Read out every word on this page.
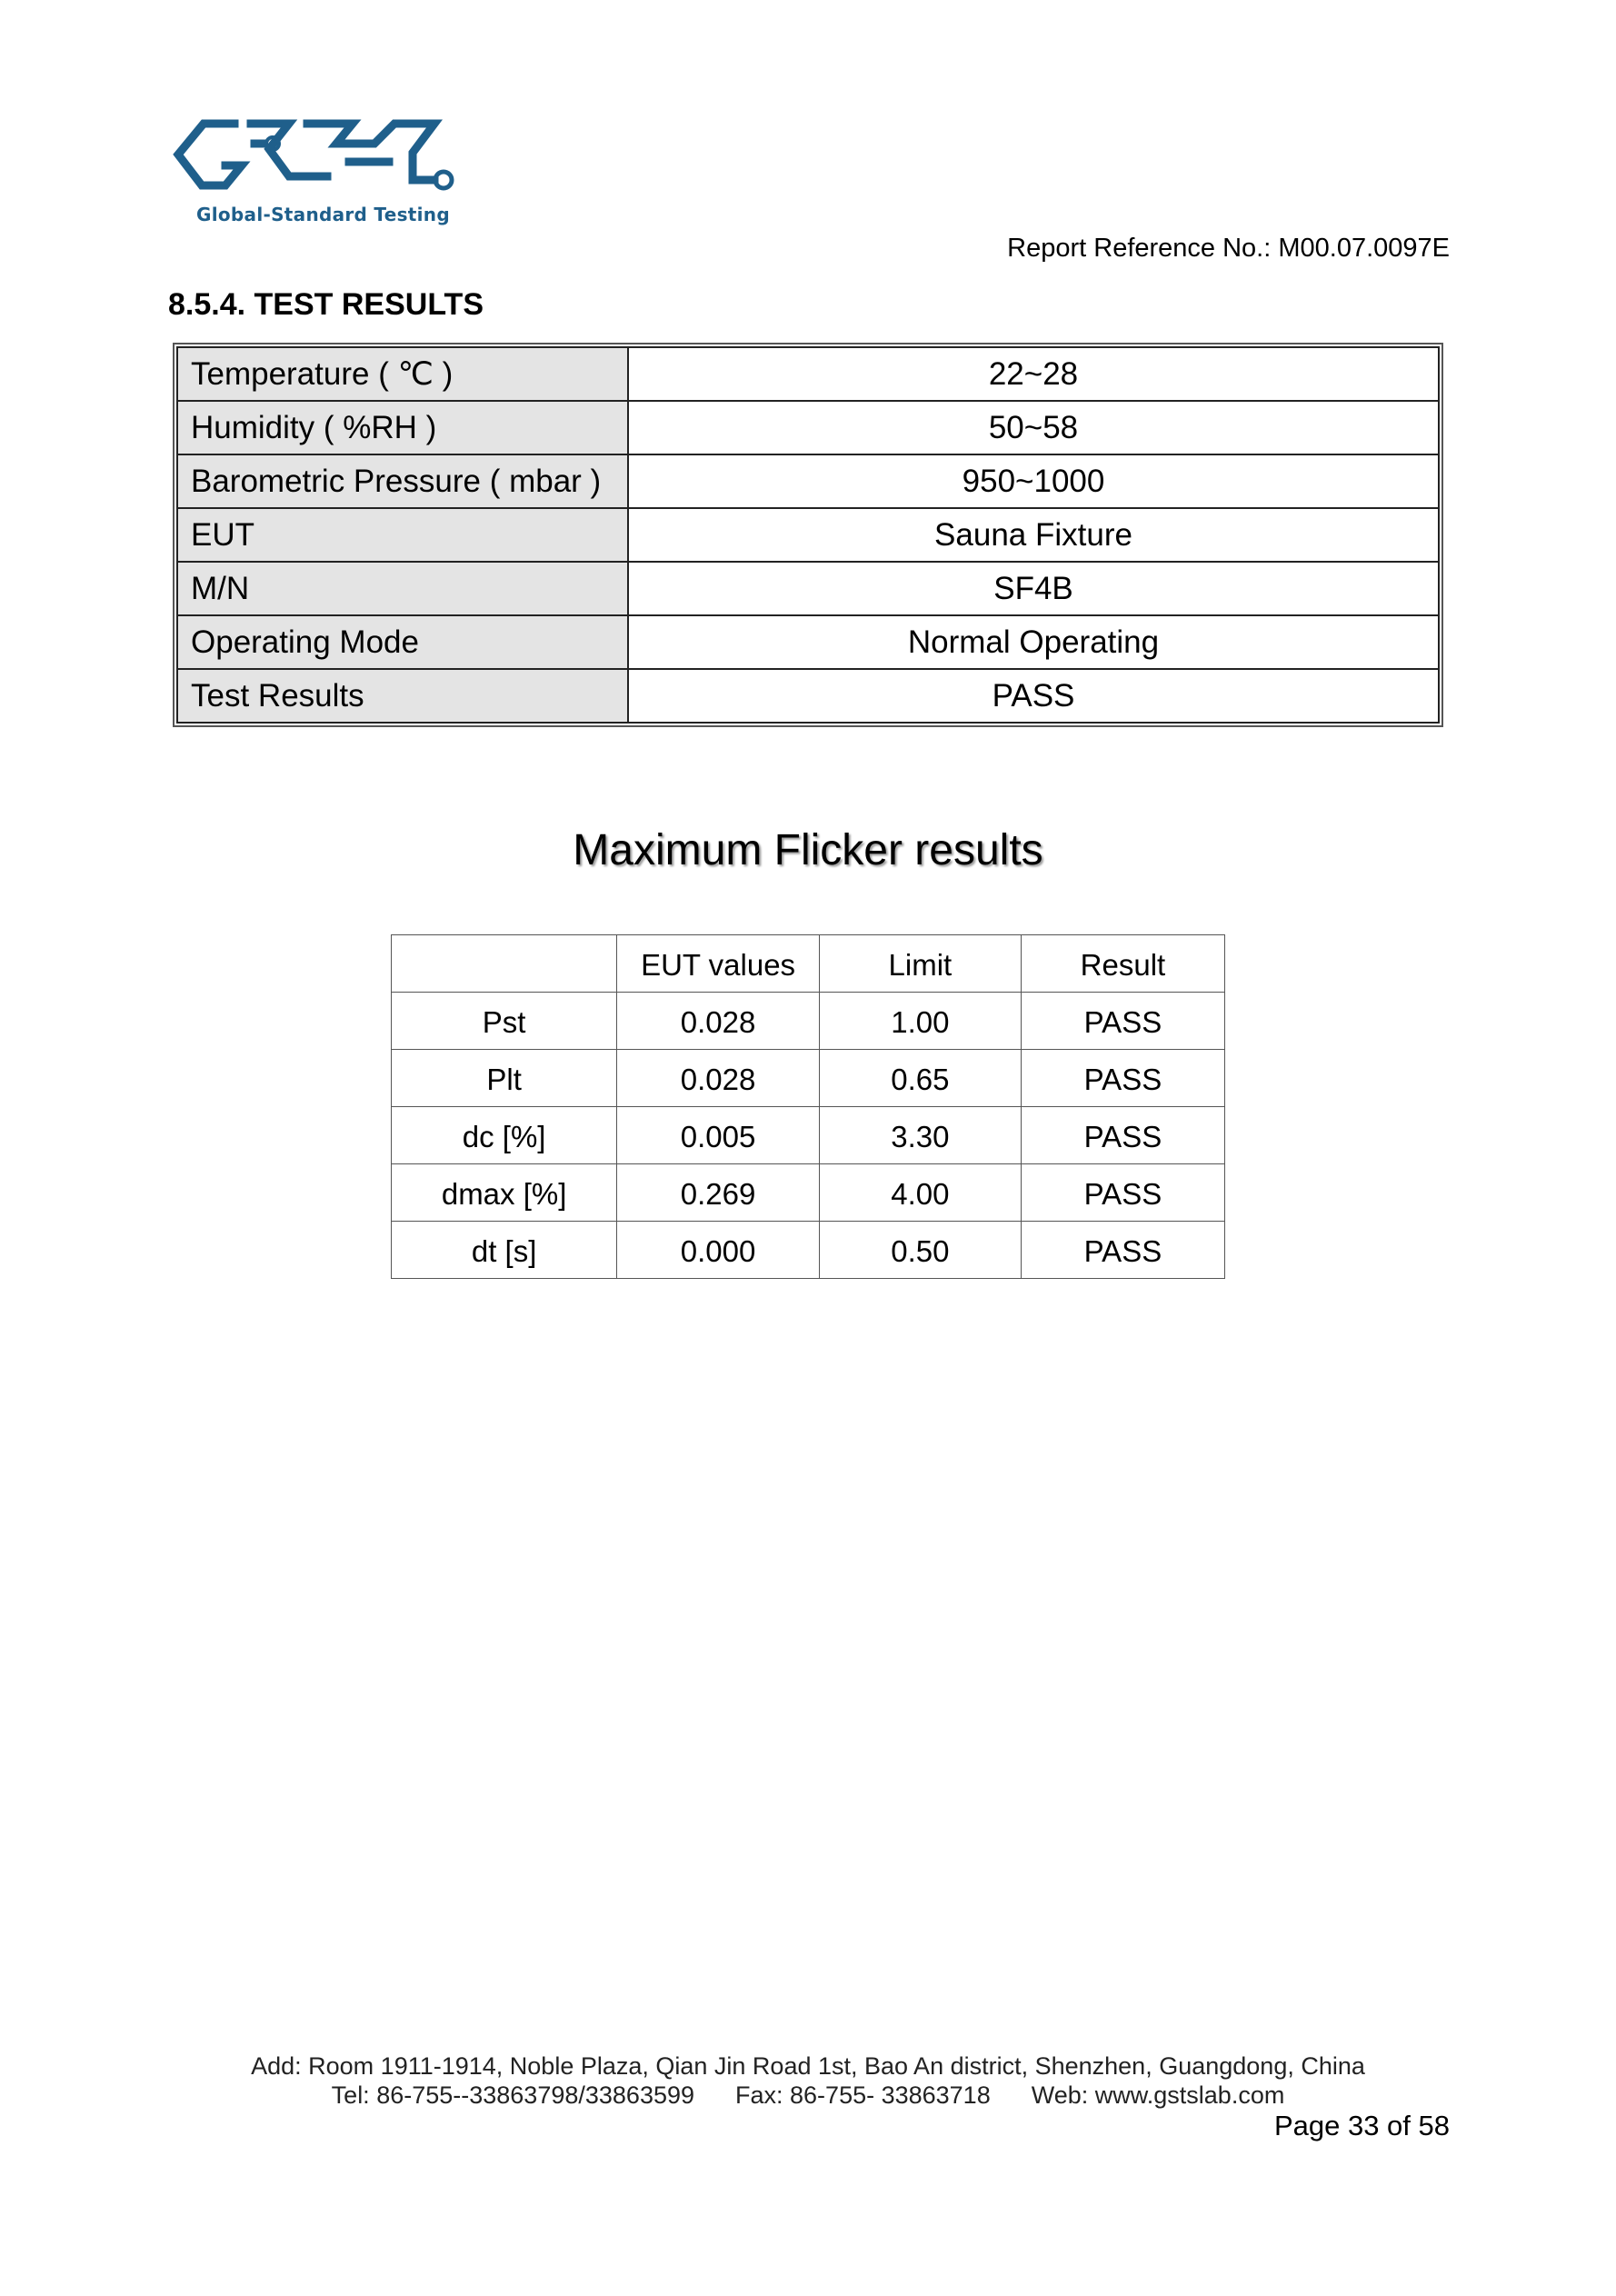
Global-Standard Testing
Report Reference No.: M00.07.0097E
8.5.4. TEST RESULTS
Temperature ( ℃ )	22~28
Humidity ( %RH )	50~58
Barometric Pressure ( mbar )	950~1000
EUT	Sauna Fixture
M/N	SF4B
Operating Mode	Normal Operating
Test Results	PASS
Maximum Flicker results
	EUT values	Limit	Result
Pst	0.028	1.00	PASS
Plt	0.028	0.65	PASS
dc [%]	0.005	3.30	PASS
dmax [%]	0.269	4.00	PASS
dt [s]	0.000	0.50	PASS
Add: Room 1911-1914, Noble Plaza, Qian Jin Road 1st, Bao An district, Shenzhen, Guangdong, China
Tel: 86-755--33863798/33863599      Fax: 86-755- 33863718      Web: www.gstslab.com
Page 33 of 58
